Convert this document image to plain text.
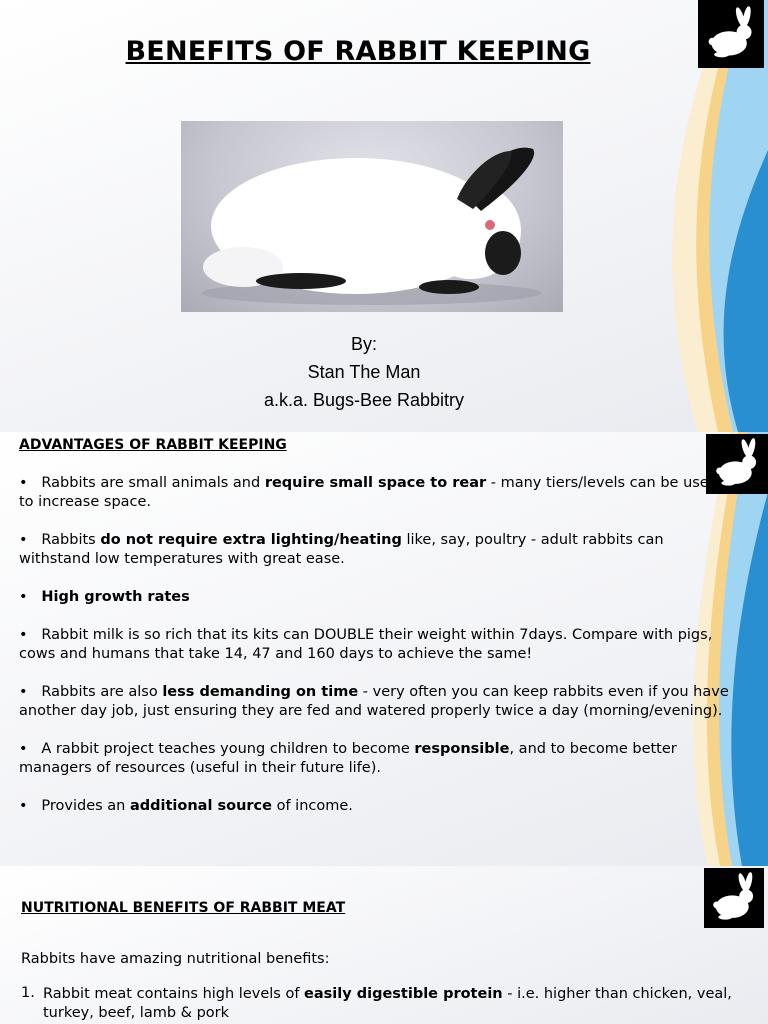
BENEFITS OF RABBIT KEEPING
By:
Stan The Man
a.k.a. Bugs-Bee Rabbitry
ADVANTAGES OF RABBIT KEEPING
• Rabbits are small animals and require small space to rear - many tiers/levels can be used to increase space.
• Rabbits do not require extra lighting/heating like, say, poultry - adult rabbits can withstand low temperatures with great ease.
• High growth rates
• Rabbit milk is so rich that its kits can DOUBLE their weight within 7days. Compare with pigs, cows and humans that take 14, 47 and 160 days to achieve the same!
• Rabbits are also less demanding on time - very often you can keep rabbits even if you have another day job, just ensuring they are fed and watered properly twice a day (morning/evening).
• A rabbit project teaches young children to become responsible, and to become better managers of resources (useful in their future life).
• Provides an additional source of income.
NUTRITIONAL BENEFITS OF RABBIT MEAT
Rabbits have amazing nutritional benefits:
1. Rabbit meat contains high levels of easily digestible protein - i.e. higher than chicken, veal, turkey, beef, lamb & pork
